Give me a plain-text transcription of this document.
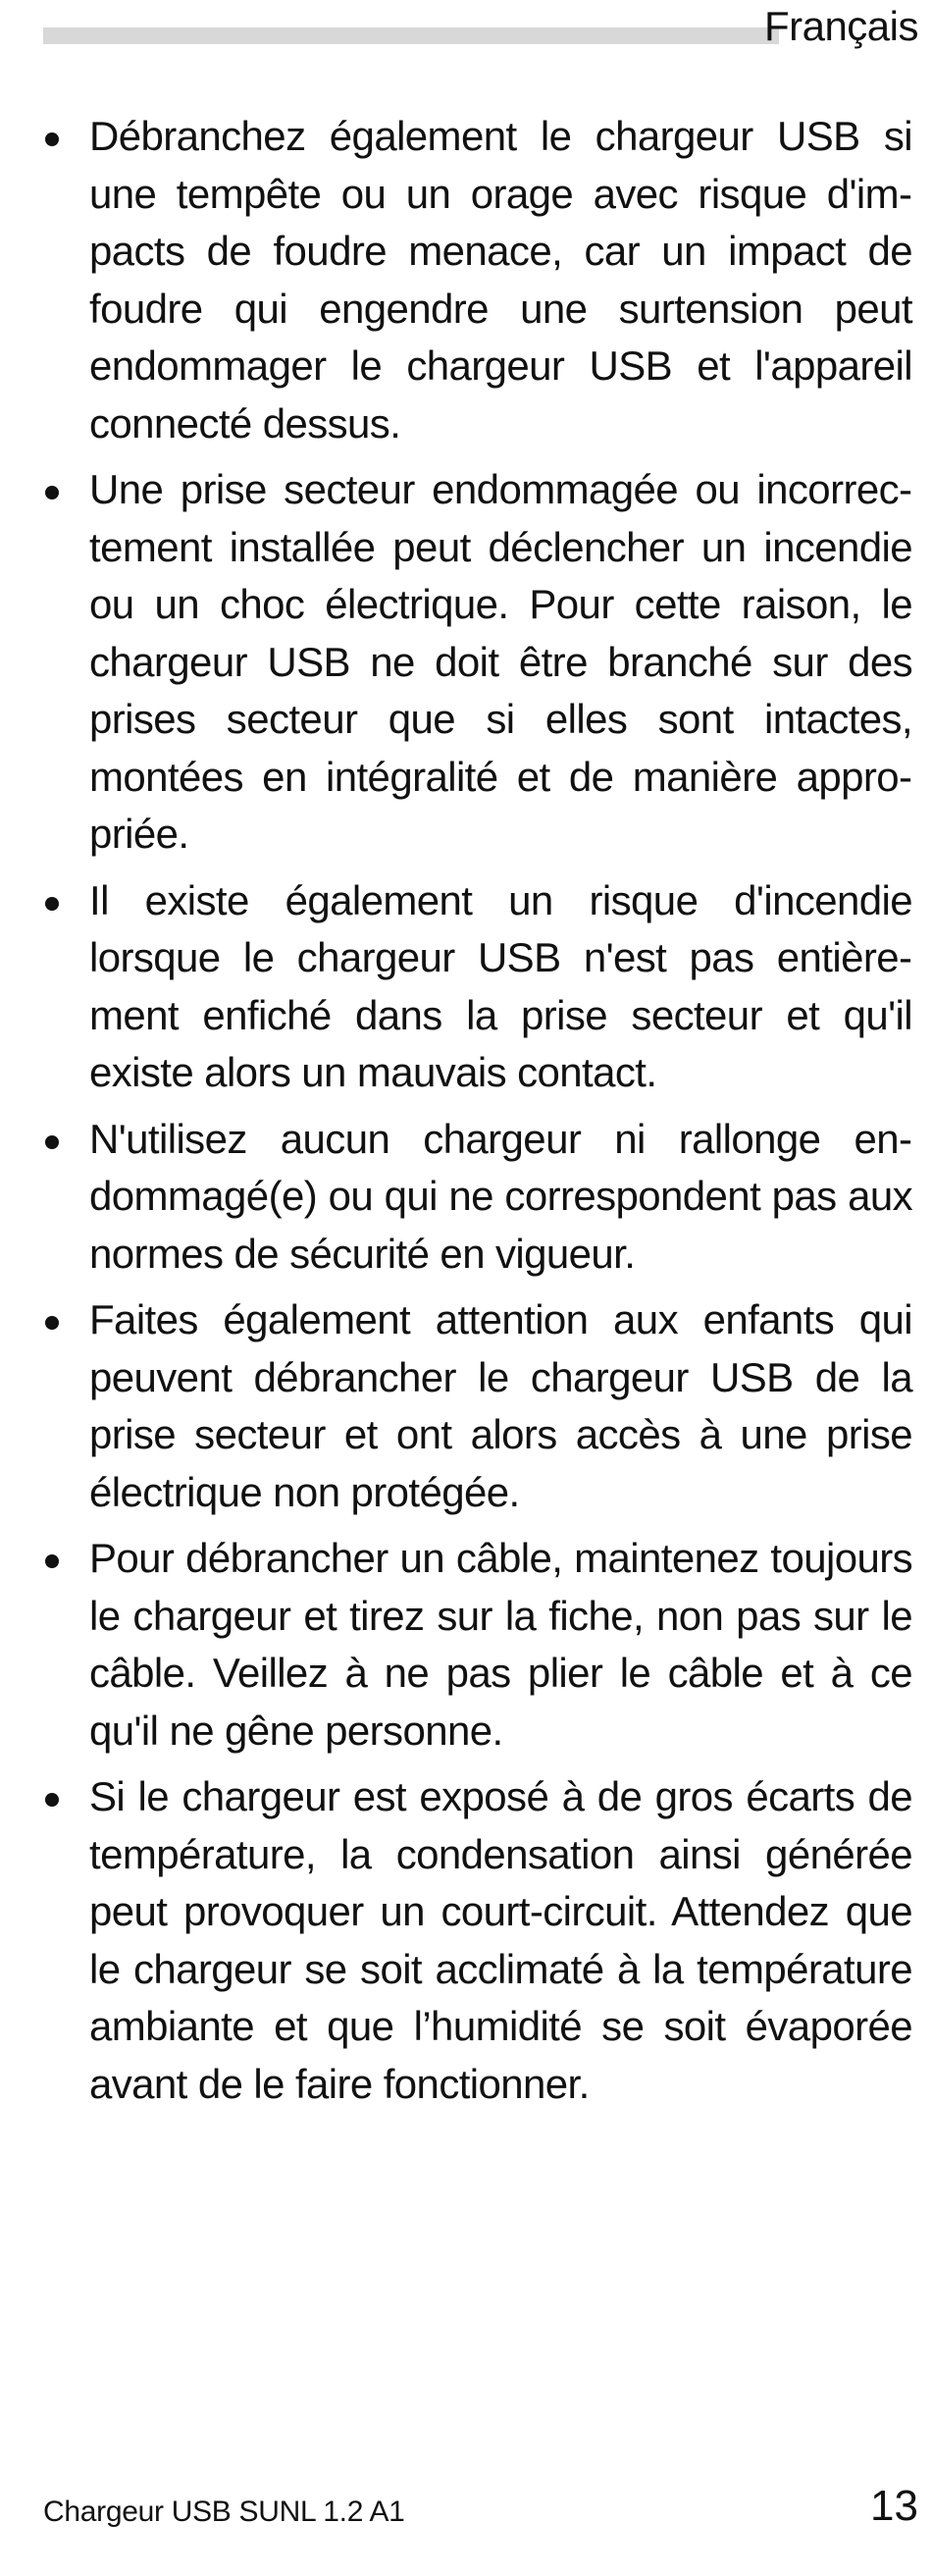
Français

Débranchez également le chargeur USB si une tempête ou un orage avec risque d'impacts de foudre menace, car un impact de foudre qui engendre une surtension peut endommager le chargeur USB et l'appareil connecté dessus.

Une prise secteur endommagée ou incorrectement installée peut déclencher un incendie ou un choc électrique. Pour cette raison, le chargeur USB ne doit être branché sur des prises secteur que si elles sont intactes, montées en intégralité et de manière appropriée.

Il existe également un risque d'incendie lorsque le chargeur USB n'est pas entièrement enfiché dans la prise secteur et qu'il existe alors un mauvais contact.

N'utilisez aucun chargeur ni rallonge endommagé(e) ou qui ne correspondent pas aux normes de sécurité en vigueur.

Faites également attention aux enfants qui peuvent débrancher le chargeur USB de la prise secteur et ont alors accès à une prise électrique non protégée.

Pour débrancher un câble, maintenez toujours le chargeur et tirez sur la fiche, non pas sur le câble. Veillez à ne pas plier le câble et à ce qu'il ne gêne personne.

Si le chargeur est exposé à de gros écarts de température, la condensation ainsi générée peut provoquer un court-circuit. Attendez que le chargeur se soit acclimaté à la température ambiante et que l’humidité se soit évaporée avant de le faire fonctionner.

Chargeur USB SUNL 1.2 A1	13
